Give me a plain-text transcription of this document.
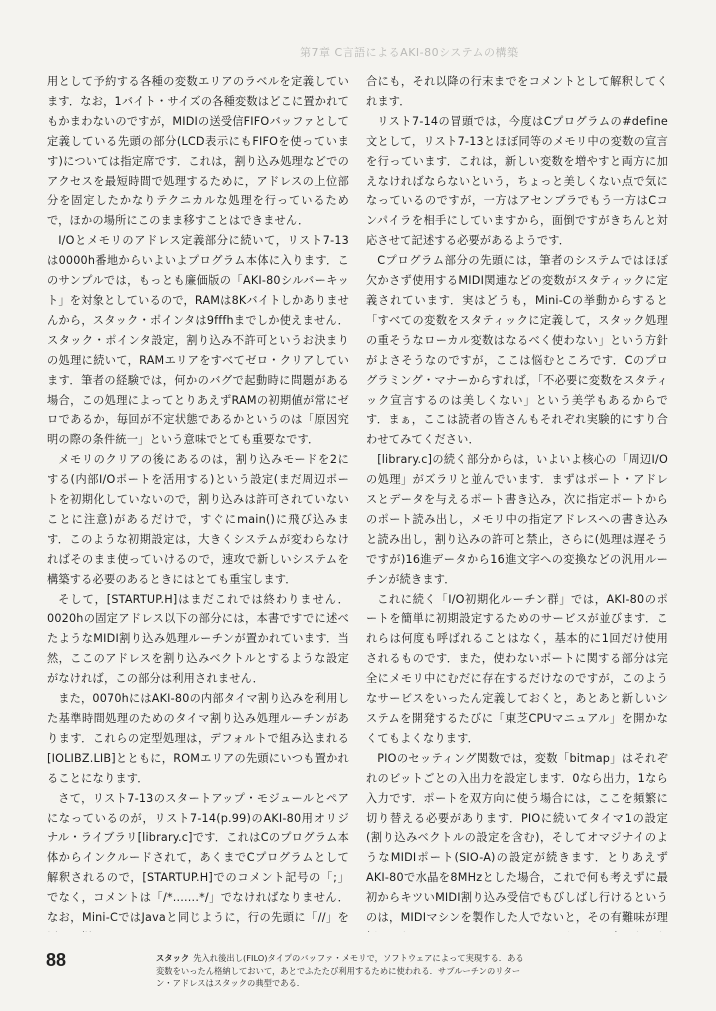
第7章 C言語によるAKI-80システムの構築

用として予約する各種の変数エリアのラベルを定義しています．なお，1バイト・サイズの各種変数はどこに置かれてもかまわないのですが，MIDIの送受信FIFOバッファとして定義している先頭の部分(LCD表示にもFIFOを使っています)については指定席です．これは，割り込み処理などでのアクセスを最短時間で処理するために，アドレスの上位部分を固定したかなりテクニカルな処理を行っているためで，ほかの場所にこのまま移すことはできません．

I/Oとメモリのアドレス定義部分に続いて，リスト7-13は0000h番地からいよいよプログラム本体に入ります．このサンプルでは，もっとも廉価版の「AKI-80シルバーキット」を対象としているので，RAMは8Kバイトしかありませんから，スタック・ポインタは9fffhまでしか使えません．スタック・ポインタ設定，割り込み不許可というお決まりの処理に続いて，RAMエリアをすべてゼロ・クリアしています．筆者の経験では，何かのバグで起動時に問題がある場合，この処理によってとりあえずRAMの初期値が常にゼロであるか，毎回が不定状態であるかというのは「原因究明の際の条件統一」という意味でとても重要なです．

メモリのクリアの後にあるのは，割り込みモードを2にする(内部I/Oポートを活用する)という設定(まだ周辺ポートを初期化していないので，割り込みは許可されていないことに注意)があるだけで，すぐにmain()に飛び込みます．このような初期設定は，大きくシステムが変わらなければそのまま使っていけるので，速攻で新しいシステムを構築する必要のあるときにはとても重宝します．

そして，[STARTUP.H]はまだこれでは終わりません．0020hの固定アドレス以下の部分には，本書ですでに述べたようなMIDI割り込み処理ルーチンが置かれています．当然，ここのアドレスを割り込みベクトルとするような設定がなければ，この部分は利用されません．

また，0070hにはAKI-80の内部タイマ割り込みを利用した基準時間処理のためのタイマ割り込み処理ルーチンがあります．これらの定型処理は，デフォルトで組み込まれる[IOLIBZ.LIB]とともに，ROMエリアの先頭にいつも置かれることになります．

さて，リスト7-13のスタートアップ・モジュールとペアになっているのが，リスト7-14(p.99)のAKI-80用オリジナル・ライブラリ[library.c]です．これはCのプログラム本体からインクルードされて，あくまでCプログラムとして解釈されるので，[STARTUP.H]でのコメント記号の「;」でなく，コメントは「/*.......*/」でなければなりません．なお，Mini-CではJavaと同じように，行の先頭に「//」を

合にも，それ以降の行末までをコメントとして解釈してくれます．

リスト7-14の冒頭では，今度はCプログラムの#define文として，リスト7-13とほぼ同等のメモリ中の変数の宣言を行っています．これは，新しい変数を増やすと両方に加えなければならないという，ちょっと美しくない点で気になっているのですが，一方はアセンブラでもう一方はCコンパイラを相手にしていますから，面倒ですがきちんと対応させて記述する必要があるようです．

Cプログラム部分の先頭には，筆者のシステムではほぼ欠かさず使用するMIDI関連などの変数がスタティックに定義されています．実はどうも，Mini-Cの挙動からすると「すべての変数をスタティックに定義して，スタック処理の重そうなローカル変数はなるべく使わない」という方針がよさそうなのですが，ここは悩むところです．Cのプログラミング・マナーからすれば，「不必要に変数をスタティック宣言するのは美しくない」という美学もあるからです．まぁ，ここは読者の皆さんもそれぞれ実験的にすり合わせてみてください．

[library.c]の続く部分からは，いよいよ核心の「周辺I/Oの処理」がズラリと並んでいます．まずはポート・アドレスとデータを与えるポート書き込み，次に指定ポートからのポート読み出し，メモリ中の指定アドレスへの書き込みと読み出し，割り込みの許可と禁止，さらに(処理は遅そうですが)16進データから16進文字への変換などの汎用ルーチンが続きます．

これに続く「I/O初期化ルーチン群」では，AKI-80のポートを簡単に初期設定するためのサービスが並びます．これらは何度も呼ばれることはなく，基本的に1回だけ使用されるものです．また，使わないポートに関する部分は完全にメモリ中にむだに存在するだけなのですが，このようなサービスをいったん定義しておくと，あとあと新しいシステムを開発するたびに「東芝CPUマニュアル」を開かなくてもよくなります．

PIOのセッティング関数では，変数「bitmap」はそれぞれのビットごとの入出力を設定します．0なら出力，1なら入力です．ポートを双方向に使う場合には，ここを頻繁に切り替える必要があります．PIOに続いてタイマ1の設定(割り込みベクトルの設定を含む)，そしてオマジナイのようなMIDIポート(SIO-A)の設定が続きます．とりあえずAKI-80で水晶を8MHzとした場合，これで何も考えずに最初からキツいMIDI割り込み受信でもびしばし行けるというのは，MIDIマシンを製作した人でないと，その有難味が理

88	スタック 先入れ後出し(FILO)タイプのバッファ・メモリで，ソフトウェアによって実現する．ある変数をいったん格納しておいて，あとでふたたび利用するために使われる．サブルーチンのリターン・アドレスはスタックの典型である．
